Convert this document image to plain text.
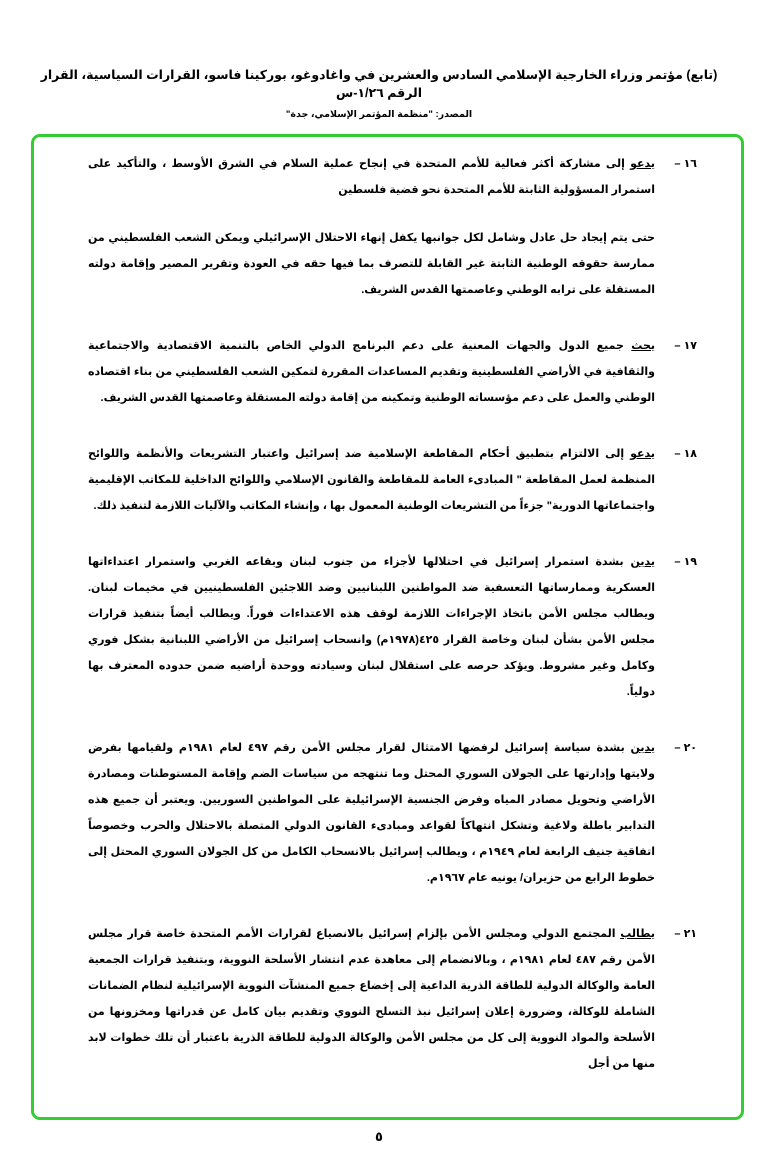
(تابع) مؤتمر وزراء الخارجية الإسلامي السادس والعشرين في واغادوغو، بوركينا فاسو، القرارات السياسية، القرار الرقم ١/٢٦-س
المصدر: "منظمة المؤتمر الإسلامي، جدة"
١٦ –
يدعو إلى مشاركة أكثر فعالية للأمم المتحدة في إنجاح عملية السلام في الشرق الأوسط ، والتأكيد على استمرار المسؤولية الثابتة للأمم المتحدة نحو قضية فلسطين
حتى يتم إيجاد حل عادل وشامل لكل جوانبها يكفل إنهاء الاحتلال الإسرائيلي ويمكن الشعب الفلسطيني من ممارسة حقوقه الوطنية الثابتة غير القابلة للتصرف بما فيها حقه في العودة وتقرير المصير وإقامة دولته المستقلة على ترابه الوطني وعاصمتها القدس الشريف.
١٧ –
يحث جميع الدول والجهات المعنية على دعم البرنامج الدولي الخاص بالتنمية الاقتصادية والاجتماعية والثقافية في الأراضي الفلسطينية وتقديم المساعدات المقررة لتمكين الشعب الفلسطيني من بناء اقتصاده الوطني والعمل على دعم مؤسساته الوطنية وتمكينه من إقامة دولته المستقلة وعاصمتها القدس الشريف.
١٨ –
يدعو إلى الالتزام بتطبيق أحكام المقاطعة الإسلامية ضد إسرائيل واعتبار التشريعات والأنظمة واللوائح المنظمة لعمل المقاطعة " المبادىء العامة للمقاطعة والقانون الإسلامي واللوائح الداخلية للمكاتب الإقليمية واجتماعاتها الدورية" جزءاً من التشريعات الوطنية المعمول بها ، وإنشاء المكاتب والآليات اللازمة لتنفيذ ذلك.
١٩ –
يدين بشدة استمرار إسرائيل في احتلالها لأجزاء من جنوب لبنان وبقاعه الغربي واستمرار اعتداءاتها العسكرية وممارساتها التعسفية ضد المواطنين اللبنانيين وضد اللاجئين الفلسطينيين في مخيمات لبنان. ويطالب مجلس الأمن باتخاذ الإجراءات اللازمة لوقف هذه الاعتداءات فوراً. ويطالب أيضاً بتنفيذ قرارات مجلس الأمن بشأن لبنان وخاصة القرار ٤٢٥(١٩٧٨م) وانسحاب إسرائيل من الأراضي اللبنانية بشكل فوري وكامل وغير مشروط. ويؤكد حرصه على استقلال لبنان وسيادته ووحدة أراضيه ضمن حدوده المعترف بها دولياً.
٢٠ –
يدين بشدة سياسة إسرائيل لرفضها الامتثال لقرار مجلس الأمن رقم ٤٩٧ لعام ١٩٨١م ولقيامها بفرض ولايتها وإدارتها على الجولان السوري المحتل وما تنتهجه من سياسات الضم وإقامة المستوطنات ومصادرة الأراضي وتحويل مصادر المياه وفرض الجنسية الإسرائيلية على المواطنين السوريين. ويعتبر أن جميع هذه التدابير باطلة ولاغية وتشكل انتهاكاً لقواعد ومبادىء القانون الدولي المتصلة بالاحتلال والحرب وخصوصاً اتفاقية جنيف الرابعة لعام ١٩٤٩م ، ويطالب إسرائيل بالانسحاب الكامل من كل الجولان السوري المحتل إلى خطوط الرابع من حزيران/ يونيه عام ١٩٦٧م.
٢١ –
يطالب المجتمع الدولي ومجلس الأمن بإلزام إسرائيل بالانصياع لقرارات الأمم المتحدة خاصة قرار مجلس الأمن رقم ٤٨٧ لعام ١٩٨١م ، وبالانضمام إلى معاهدة عدم انتشار الأسلحة النووية، وبتنفيذ قرارات الجمعية العامة والوكالة الدولية للطاقة الذرية الداعية إلى إخضاع جميع المنشآت النووية الإسرائيلية لنظام الضمانات الشاملة للوكالة، وضرورة إعلان إسرائيل نبذ التسلح النووي وتقديم بيان كامل عن قدراتها ومخزونها من الأسلحة والمواد النووية إلى كل من مجلس الأمن والوكالة الدولية للطاقة الذرية باعتبار أن تلك خطوات لابد منها من أجل
٥
